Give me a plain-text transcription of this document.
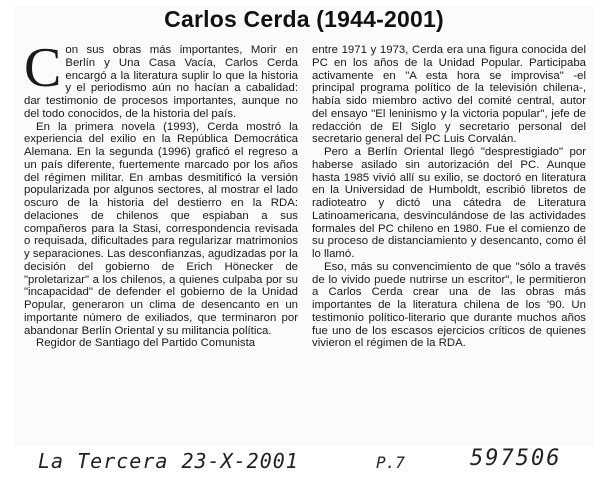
Carlos Cerda (1944-2001)

Con sus obras más importantes, Morir en Berlín y Una Casa Vacía, Carlos Cerda encargó a la literatura suplir lo que la historia y el periodismo aún no hacían a cabalidad: dar testimonio de procesos importantes, aunque no del todo conocidos, de la historia del país.

En la primera novela (1993), Cerda mostró la experiencia del exilio en la República Democrática Alemana. En la segunda (1996) graficó el regreso a un país diferente, fuertemente marcado por los años del régimen militar. En ambas desmitificó la versión popularizada por algunos sectores, al mostrar el lado oscuro de la historia del destierro en la RDA: delaciones de chilenos que espiaban a sus compañeros para la Stasi, correspondencia revisada o requisada, dificultades para regularizar matrimonios y separaciones. Las desconfianzas, agudizadas por la decisión del gobierno de Erich Hönecker de "proletarizar" a los chilenos, a quienes culpaba por su "incapacidad" de defender el gobierno de la Unidad Popular, generaron un clima de desencanto en un importante número de exiliados, que terminaron por abandonar Berlín Oriental y su militancia política.

Regidor de Santiago del Partido Comunista

entre 1971 y 1973, Cerda era una figura conocida del PC en los años de la Unidad Popular. Participaba activamente en "A esta hora se improvisa" -el principal programa político de la televisión chilena-, había sido miembro activo del comité central, autor del ensayo "El leninismo y la victoria popular", jefe de redacción de El Siglo y secretario personal del secretario general del PC Luis Corvalán.

Pero a Berlín Oriental llegó "desprestigiado" por haberse asilado sin autorización del PC. Aunque hasta 1985 vivió allí su exilio, se doctoró en literatura en la Universidad de Humboldt, escribió libretos de radioteatro y dictó una cátedra de Literatura Latinoamericana, desvinculándose de las actividades formales del PC chileno en 1980. Fue el comienzo de su proceso de distanciamiento y desencanto, como él lo llamó.

Eso, más su convencimiento de que "sólo a través de lo vivido puede nutrirse un escritor", le permitieron a Carlos Cerda crear una de las obras más importantes de la literatura chilena de los '90. Un testimonio político-literario que durante muchos años fue uno de los escasos ejercicios críticos de quienes vivieron el régimen de la RDA.

La Tercera 23-X-2001	P.7	597506
